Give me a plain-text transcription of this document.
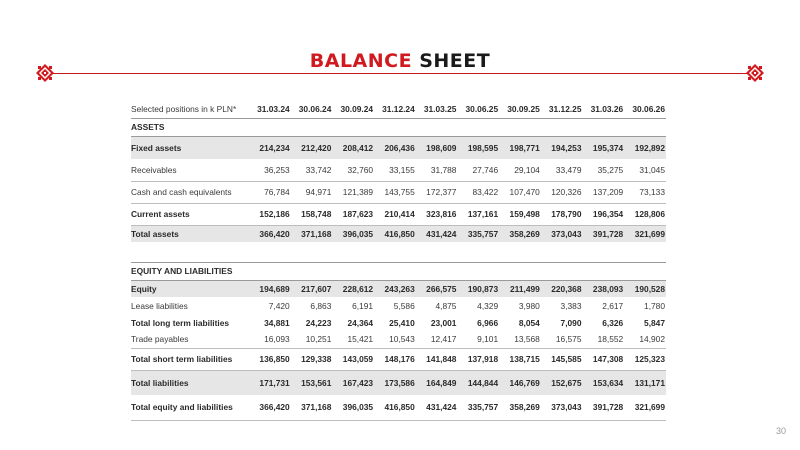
BALANCE SHEET
Selected positions in k PLN*	31.03.24	30.06.24	30.09.24	31.12.24	31.03.25	30.06.25	30.09.25	31.12.25	31.03.26	30.06.26
ASSETS										
Fixed assets	214,234	212,420	208,412	206,436	198,609	198,595	198,771	194,253	195,374	192,892
Receivables	36,253	33,742	32,760	33,155	31,788	27,746	29,104	33,479	35,275	31,045
Cash and cash equivalents	76,784	94,971	121,389	143,755	172,377	83,422	107,470	120,326	137,209	73,133
Current assets	152,186	158,748	187,623	210,414	323,816	137,161	159,498	178,790	196,354	128,806
Total assets	366,420	371,168	396,035	416,850	431,424	335,757	358,269	373,043	391,728	321,699

EQUITY AND LIABILITIES										
Equity	194,689	217,607	228,612	243,263	266,575	190,873	211,499	220,368	238,093	190,528
Lease liabilities	7,420	6,863	6,191	5,586	4,875	4,329	3,980	3,383	2,617	1,780
Total long term liabilities	34,881	24,223	24,364	25,410	23,001	6,966	8,054	7,090	6,326	5,847
Trade payables	16,093	10,251	15,421	10,543	12,417	9,101	13,568	16,575	18,552	14,902
Total short term liabilities	136,850	129,338	143,059	148,176	141,848	137,918	138,715	145,585	147,308	125,323
Total liabilities	171,731	153,561	167,423	173,586	164,849	144,844	146,769	152,675	153,634	131,171
Total equity and liabilities	366,420	371,168	396,035	416,850	431,424	335,757	358,269	373,043	391,728	321,699
30
